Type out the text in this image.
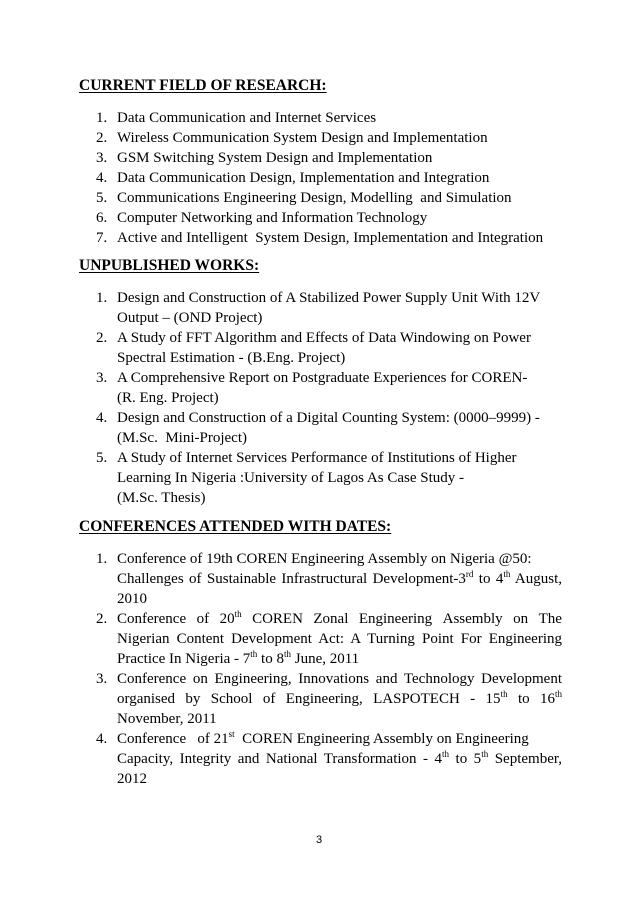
CURRENT FIELD OF RESEARCH:
1. Data Communication and Internet Services
2. Wireless Communication System Design and Implementation
3. GSM Switching System Design and Implementation
4. Data Communication Design, Implementation and Integration
5. Communications Engineering Design, Modelling  and Simulation
6. Computer Networking and Information Technology
7. Active and Intelligent  System Design, Implementation and Integration
UNPUBLISHED WORKS:
1. Design and Construction of A Stabilized Power Supply Unit With 12V
Output – (OND Project)
2. A Study of FFT Algorithm and Effects of Data Windowing on Power
Spectral Estimation - (B.Eng. Project)
3. A Comprehensive Report on Postgraduate Experiences for COREN-
(R. Eng. Project)
4. Design and Construction of a Digital Counting System: (0000–9999) -
(M.Sc.  Mini-Project)
5. A Study of Internet Services Performance of Institutions of Higher
Learning In Nigeria :University of Lagos As Case Study -
(M.Sc. Thesis)
CONFERENCES ATTENDED WITH DATES:
1. Conference of 19th COREN Engineering Assembly on Nigeria @50:
Challenges of Sustainable Infrastructural Development-3rd to 4th August,
2010
2. Conference of 20th COREN Zonal Engineering Assembly on The
Nigerian Content Development Act: A Turning Point For Engineering
Practice In Nigeria - 7th to 8th June, 2011
3. Conference on Engineering, Innovations and Technology Development
organised by School of Engineering, LASPOTECH - 15th to 16th
November, 2011
4. Conference   of 21st  COREN Engineering Assembly on Engineering
Capacity, Integrity and National Transformation - 4th to 5th September,
2012
3
